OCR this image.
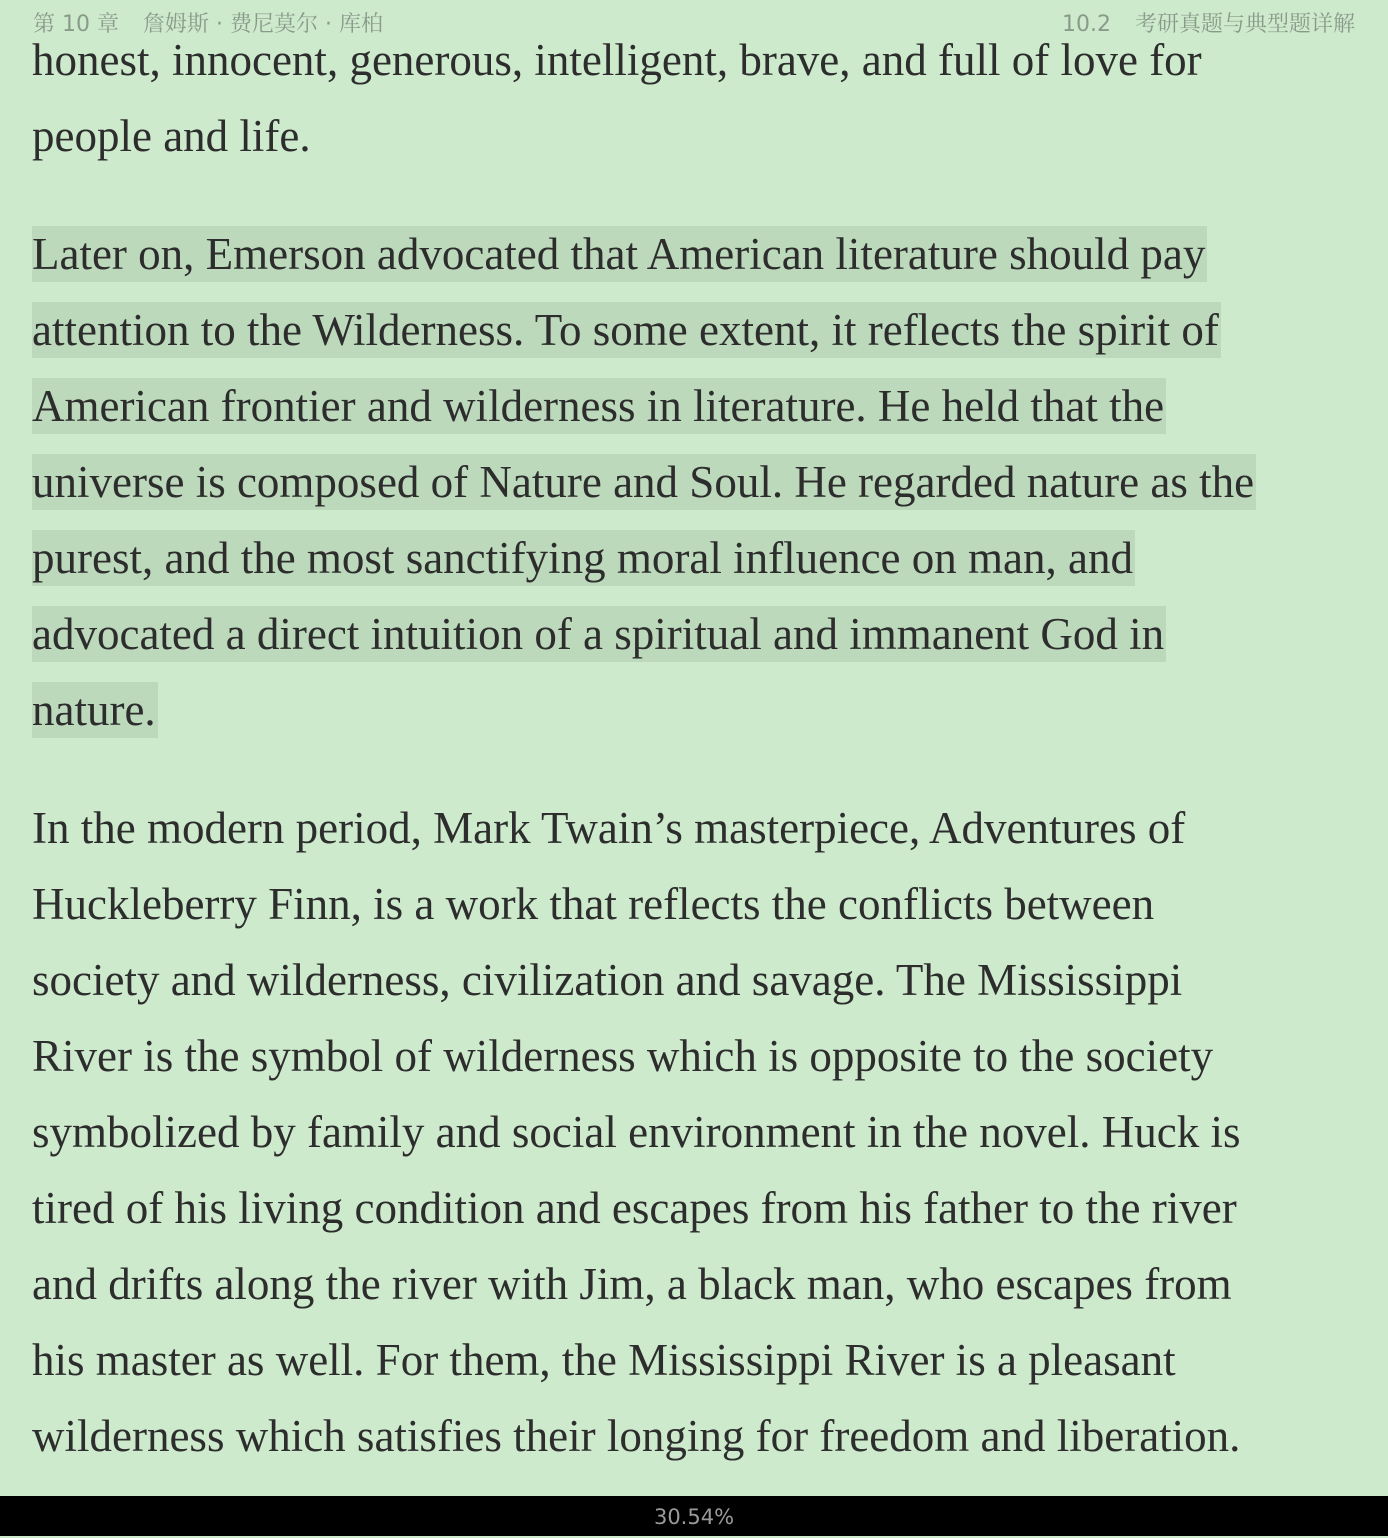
第 10 章 詹姆斯 · 费尼莫尔 · 库柏	10.2 考研真题与典型题详解
honest, innocent, generous, intelligent, brave, and full of love for
people and life.
Later on, Emerson advocated that American literature should pay
attention to the Wilderness. To some extent, it reflects the spirit of
American frontier and wilderness in literature. He held that the
universe is composed of Nature and Soul. He regarded nature as the
purest, and the most sanctifying moral influence on man, and
advocated a direct intuition of a spiritual and immanent God in
nature.
In the modern period, Mark Twain’s masterpiece, Adventures of
Huckleberry Finn, is a work that reflects the conflicts between
society and wilderness, civilization and savage. The Mississippi
River is the symbol of wilderness which is opposite to the society
symbolized by family and social environment in the novel. Huck is
tired of his living condition and escapes from his father to the river
and drifts along the river with Jim, a black man, who escapes from
his master as well. For them, the Mississippi River is a pleasant
wilderness which satisfies their longing for freedom and liberation.
30.54%
